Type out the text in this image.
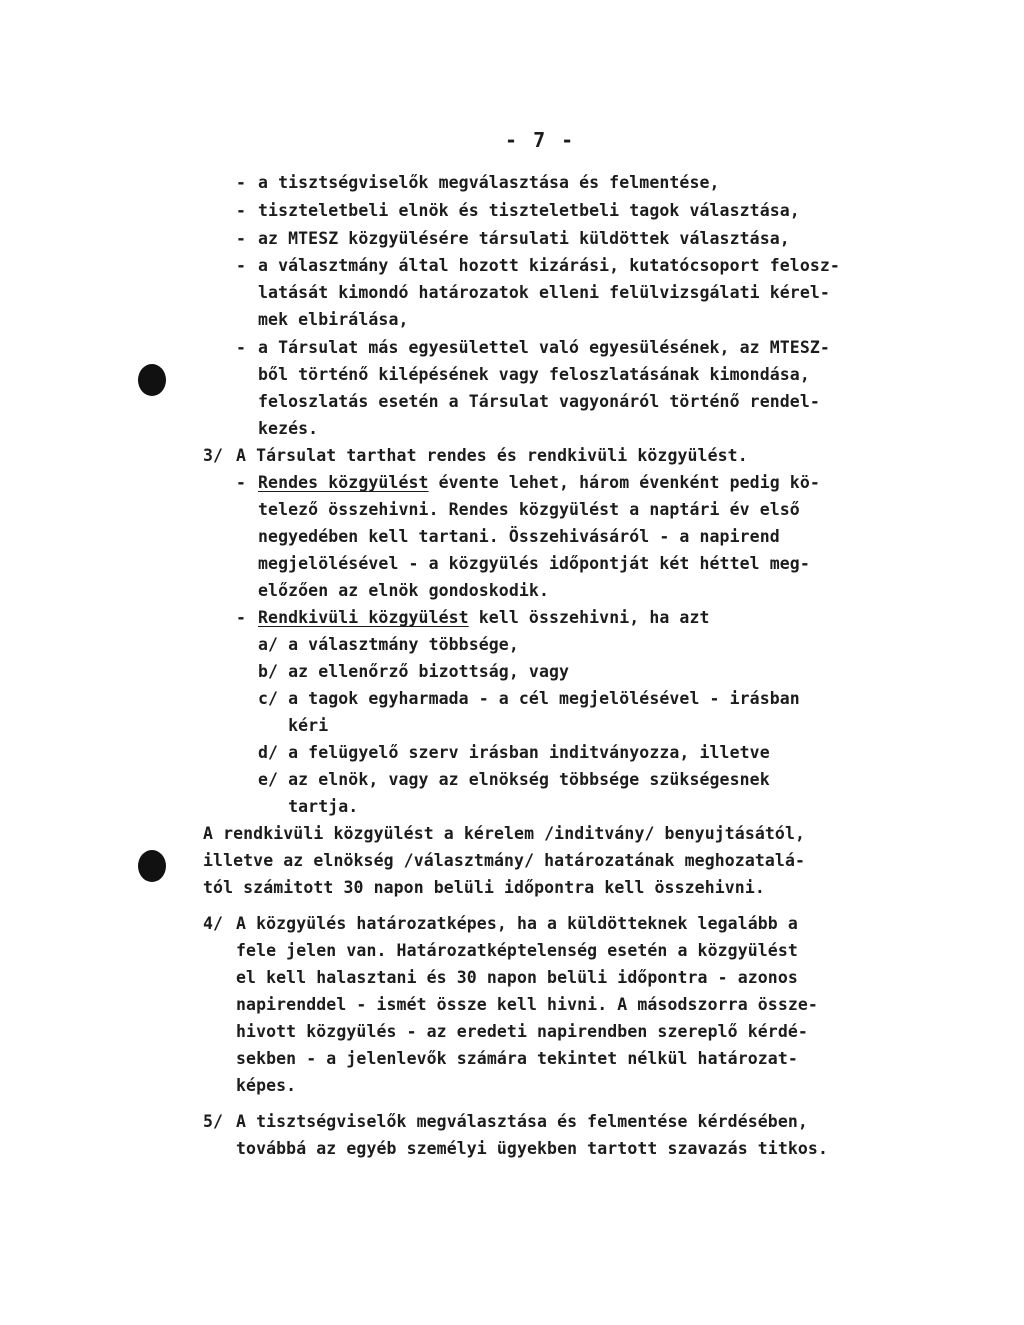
- 7 -
- a tisztségviselők megválasztása és felmentése,
- tiszteletbeli elnök és tiszteletbeli tagok választása,
- az MTESZ közgyülésére társulati küldöttek választása,
- a választmány által hozott kizárási, kutatócsoport felosz-
latását kimondó határozatok elleni felülvizsgálati kérel-
mek elbirálása,
- a Társulat más egyesülettel való egyesülésének, az MTESZ-
ből történő kilépésének vagy feloszlatásának kimondása,
feloszlatás esetén a Társulat vagyonáról történő rendel-
kezés.
3/ A Társulat tarthat rendes és rendkivüli közgyülést.
- Rendes közgyülést évente lehet, három évenként pedig kö-
telező összehivni. Rendes közgyülést a naptári év első
negyedében kell tartani. Összehivásáról - a napirend
megjelölésével - a közgyülés időpontját két héttel meg-
előzően az elnök gondoskodik.
- Rendkivüli közgyülést kell összehivni, ha azt
a/ a választmány többsége,
b/ az ellenőrző bizottság, vagy
c/ a tagok egyharmada - a cél megjelölésével - irásban
kéri
d/ a felügyelő szerv irásban inditványozza, illetve
e/ az elnök, vagy az elnökség többsége szükségesnek
tartja.
A rendkivüli közgyülést a kérelem /inditvány/ benyujtásától,
illetve az elnökség /választmány/ határozatának meghozatalá-
tól számitott 30 napon belüli időpontra kell összehivni.
4/ A közgyülés határozatképes, ha a küldötteknek legalább a
fele jelen van. Határozatképtelenség esetén a közgyülést
el kell halasztani és 30 napon belüli időpontra - azonos
napirenddel - ismét össze kell hivni. A másodszorra össze-
hivott közgyülés - az eredeti napirendben szereplő kérdé-
sekben - a jelenlevők számára tekintet nélkül határozat-
képes.
5/ A tisztségviselők megválasztása és felmentése kérdésében,
továbbá az egyéb személyi ügyekben tartott szavazás titkos.
